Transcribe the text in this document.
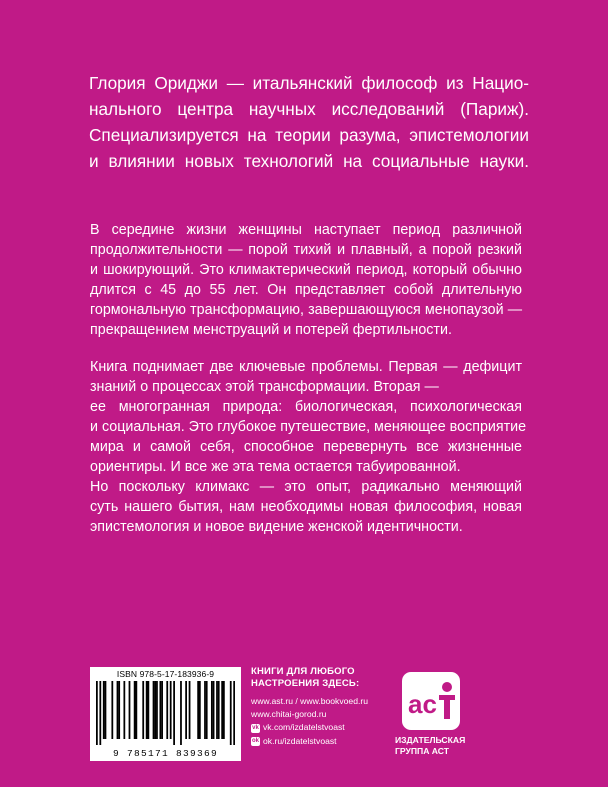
Глория Ориджи — итальянский философ из Нацио-
нального центра научных исследований (Париж).
Специализируется на теории разума, эпистемологии
и влиянии новых технологий на социальные науки.
В середине жизни женщины наступает период различной
продолжительности — порой тихий и плавный, а порой резкий
и шокирующий. Это климактерический период, который обычно
длится с 45 до 55 лет. Он представляет собой длительную
гормональную трансформацию, завершающуюся менопаузой —
прекращением менструаций и потерей фертильности.
Книга поднимает две ключевые проблемы. Первая — дефицит
знаний о процессах этой трансформации. Вторая —
ее многогранная природа: биологическая, психологическая
и социальная. Это глубокое путешествие, меняющее восприятие
мира и самой себя, способное перевернуть все жизненные
ориентиры. И все же эта тема остается табуированной.
Но поскольку климакс — это опыт, радикально меняющий
суть нашего бытия, нам необходимы новая философия, новая
эпистемология и новое видение женской идентичности.
ISBN 978-5-17-183936-9
9 785171 839369
КНИГИ ДЛЯ ЛЮБОГО
НАСТРОЕНИЯ ЗДЕСЬ:
www.ast.ru / www.bookvoed.ru
www.chitai-gorod.ru
vk vk.com/izdatelstvoast
ok ok.ru/izdatelstvoast
ac
ИЗДАТЕЛЬСКАЯ
ГРУППА АСТ
